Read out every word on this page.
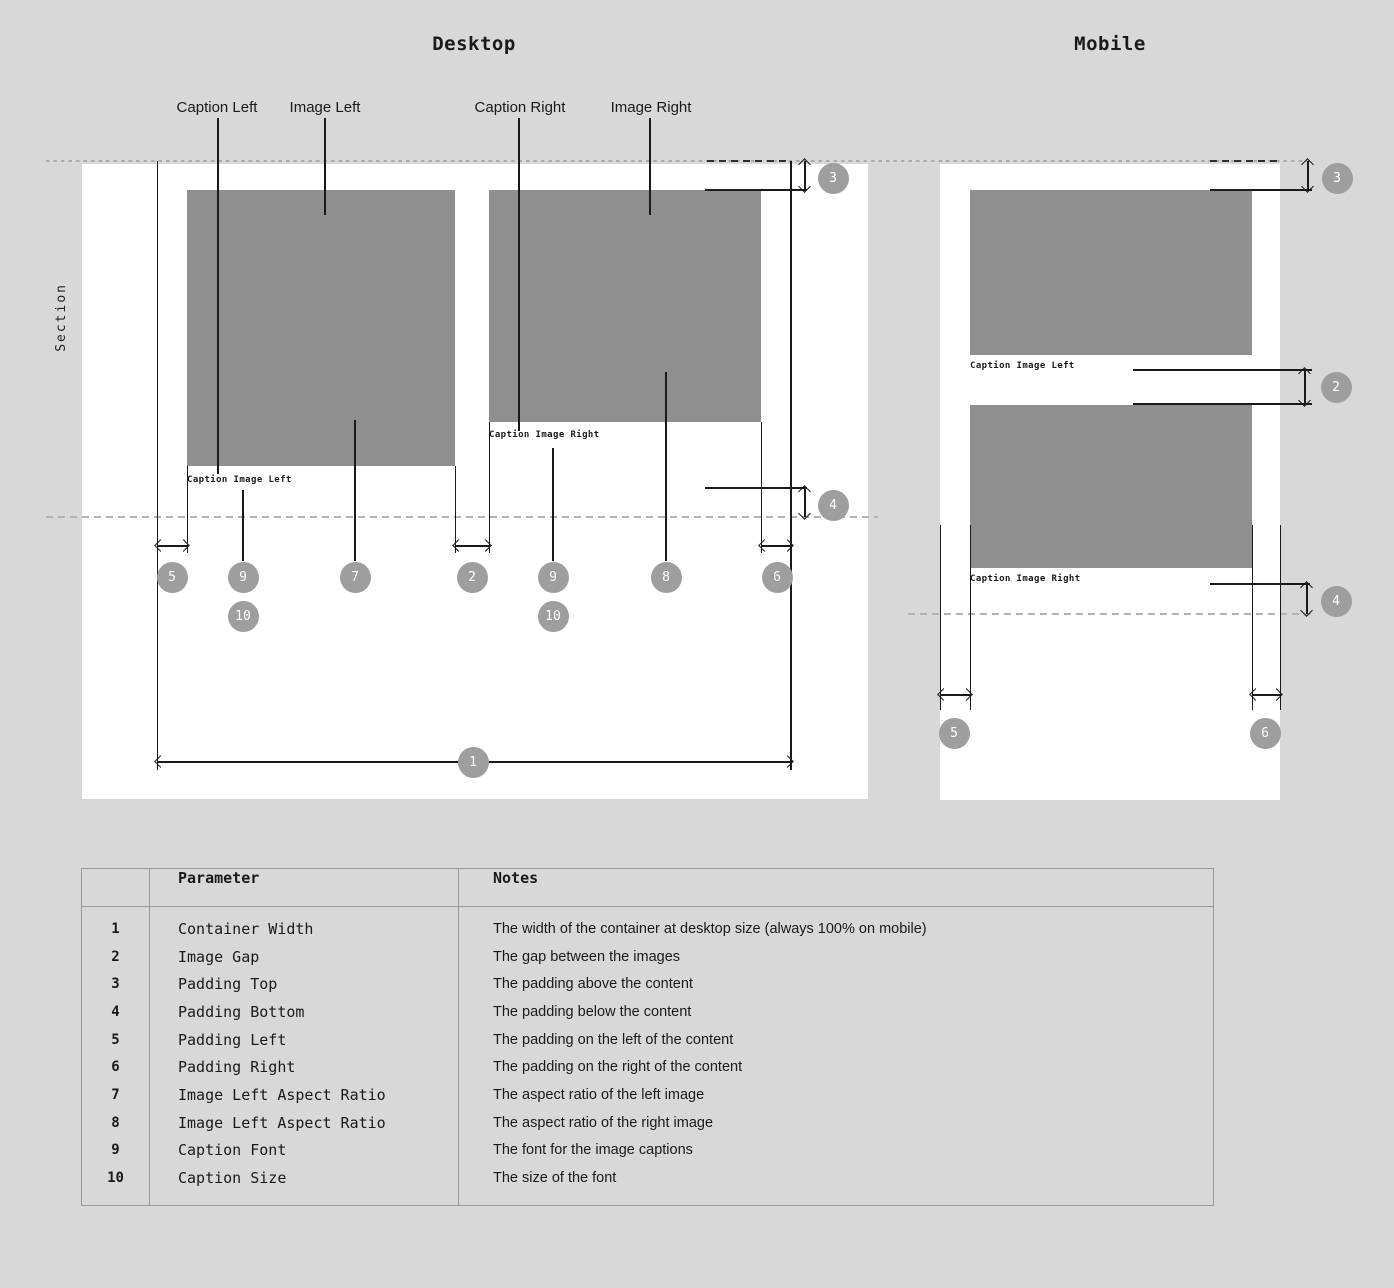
Desktop	Mobile
Caption Left Image Left	Caption Right	Image Right
Section
Caption Image Left
Caption Image Right
Caption Image Left
Caption Image Right
3
4
5	9	7	2	9	8	6
10	10
1
3
2
4
5	6
Parameter	Notes
1	Container Width	The width of the container at desktop size (always 100% on mobile)
2	Image Gap	The gap between the images
3	Padding Top	The padding above the content
4	Padding Bottom	The padding below the content
5	Padding Left	The padding on the left of the content
6	Padding Right	The padding on the right of the content
7	Image Left Aspect Ratio	The aspect ratio of the left image
8	Image Left Aspect Ratio	The aspect ratio of the right image
9	Caption Font	The font for the image captions
10	Caption Size	The size of the font
